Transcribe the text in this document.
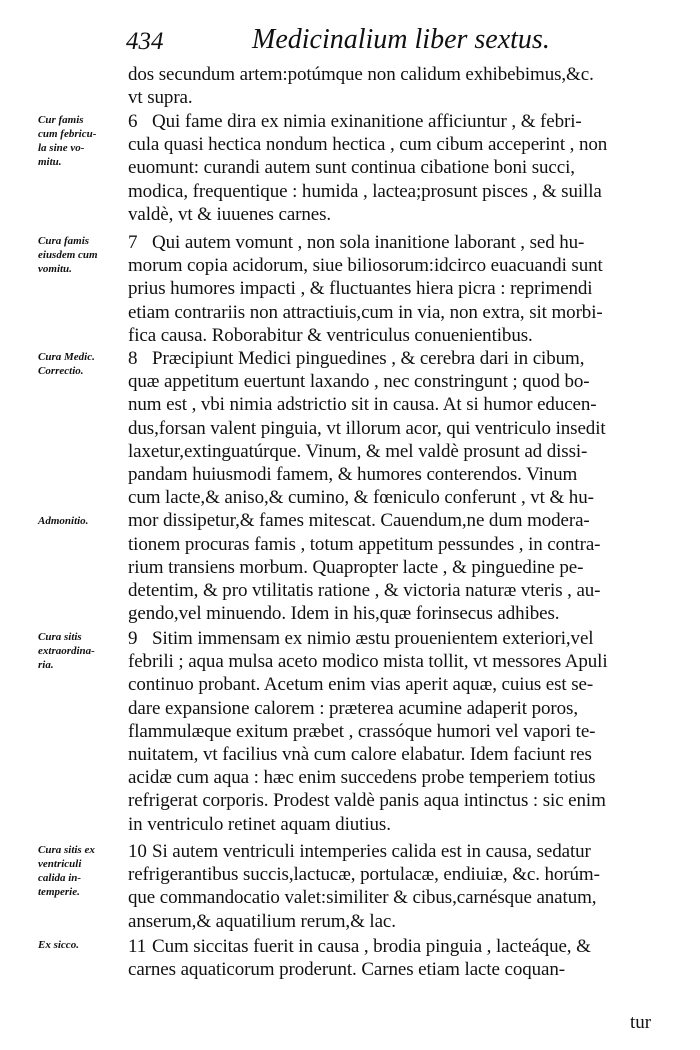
434	Medicinalium liber sextus.
dos secundum artem:potúmque non calidum exhibebimus,&c.
vt supra.
6 Qui fame dira ex nimia exinanitione afficiuntur , & febri-
cula quasi hectica nondum hectica , cum cibum acceperint , non
euomunt: curandi autem sunt continua cibatione boni succi,
modica, frequentique : humida , lactea;prosunt pisces , & suilla
valdè, vt & iuuenes carnes.
7 Qui autem vomunt , non sola inanitione laborant , sed hu-
morum copia acidorum, siue biliosorum:idcirco euacuandi sunt
prius humores impacti , & fluctuantes hiera picra : reprimendi
etiam contrariis non attractiuis,cum in via, non extra, sit morbi-
fica causa. Roborabitur & ventriculus conuenientibus.
8 Præcipiunt Medici pinguedines , & cerebra dari in cibum,
quæ appetitum euertunt laxando , nec constringunt ; quod bo-
num est , vbi nimia adstrictio sit in causa. At si humor educen-
dus,forsan valent pinguia, vt illorum acor, qui ventriculo insedit
laxetur,extinguatúrque. Vinum, & mel valdè prosunt ad dissi-
pandam huiusmodi famem, & humores conterendos. Vinum
cum lacte,& aniso,& cumino, & fœniculo conferunt , vt & hu-
mor dissipetur,& fames mitescat. Cauendum,ne dum modera-
tionem procuras famis , totum appetitum pessundes , in contra-
rium transiens morbum. Quapropter lacte , & pinguedine pe-
detentim, & pro vtilitatis ratione , & victoria naturæ vteris , au-
gendo,vel minuendo. Idem in his,quæ forinsecus adhibes.
9 Sitim immensam ex nimio æstu prouenientem exteriori,vel
febrili ; aqua mulsa aceto modico mista tollit, vt messores Apuli
continuo probant. Acetum enim vias aperit aquæ, cuius est se-
dare expansione calorem : præterea acumine adaperit poros,
flammulæque exitum præbet , crassóque humori vel vapori te-
nuitatem, vt facilius vnà cum calore elabatur. Idem faciunt res
acidæ cum aqua : hæc enim succedens probe temperiem totius
refrigerat corporis. Prodest valdè panis aqua intinctus : sic enim
in ventriculo retinet aquam diutius.
10 Si autem ventriculi intemperies calida est in causa, sedatur
refrigerantibus succis,lactucæ, portulacæ, endiuiæ, &c. horúm-
que commandocatio valet:similiter & cibus,carnésque anatum,
anserum,& aquatilium rerum,& lac.
11 Cum siccitas fuerit in causa , brodia pinguia , lacteáque, &
carnes aquaticorum proderunt. Carnes etiam lacte coquan-
tur
Cur famis
cum febricu-
la sine vo-
mitu.
Cura famis
eiusdem cum
vomitu.
Cura Medic.
Correctio.
Admonitio.
Cura sitis
extraordina-
ria.
Cura sitis ex
ventriculi
calida in-
temperie.
Ex sicco.
